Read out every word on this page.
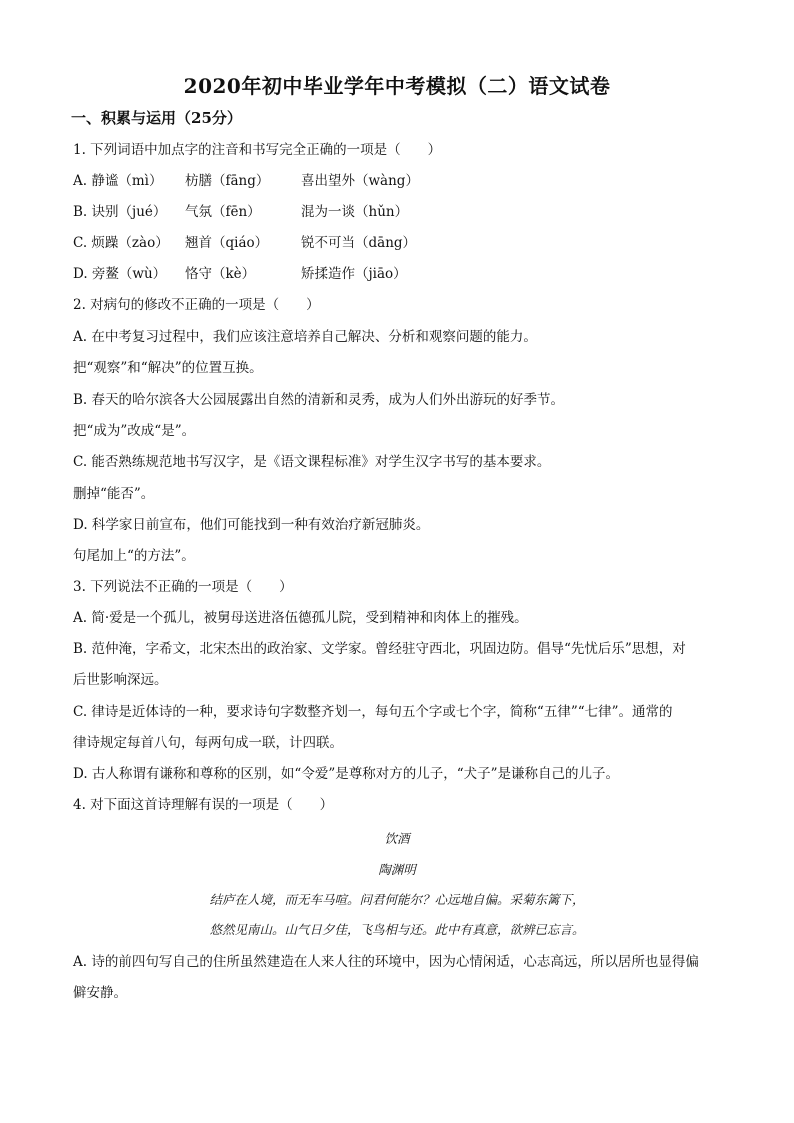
2020年初中毕业学年中考模拟（二）语文试卷
一、积累与运用（25分）
1. 下列词语中加点字的注音和书写完全正确的一项是（　　）
A. 静谧（mì） 枋膳（fāng） 喜出望外（wàng）
B. 诀别（jué） 气氛（fēn）	混为一谈（hǔn）
C. 烦躁（zào） 翘首（qiáo） 锐不可当（dāng）
D. 旁鳌（wù） 恪守（kè）	矫揉造作（jiāo）
2. 对病句的修改不正确的一项是（　　）
A. 在中考复习过程中，我们应该注意培养自己解决、分析和观察问题的能力。
把“观察”和“解决”的位置互换。
B. 春天的哈尔滨各大公园展露出自然的清新和灵秀，成为人们外出游玩的好季节。
把“成为”改成“是”。
C. 能否熟练规范地书写汉字，是《语文课程标准》对学生汉字书写的基本要求。
删掉“能否”。
D. 科学家日前宣布，他们可能找到一种有效治疗新冠肺炎。
句尾加上“的方法”。
3. 下列说法不正确的一项是（　　）
A. 简·爱是一个孤儿，被舅母送进洛伍德孤儿院，受到精神和肉体上的摧残。
B. 范仲淹，字希文，北宋杰出的政治家、文学家。曾经驻守西北，巩固边防。倡导“先忧后乐”思想，对
后世影响深远。
C. 律诗是近体诗的一种，要求诗句字数整齐划一，每句五个字或七个字，简称“五律”“七律”。通常的
律诗规定每首八句，每两句成一联，计四联。
D. 古人称谓有谦称和尊称的区别，如“令爱”是尊称对方的儿子，“犬子”是谦称自己的儿子。
4. 对下面这首诗理解有误的一项是（　　）
饮酒
陶渊明
结庐在人境，而无车马喧。问君何能尔？心远地自偏。采菊东篱下，
悠然见南山。山气日夕佳，飞鸟相与还。此中有真意，欲辨已忘言。
A. 诗的前四句写自己的住所虽然建造在人来人往的环境中，因为心情闲适，心志高远，所以居所也显得偏
僻安静。
